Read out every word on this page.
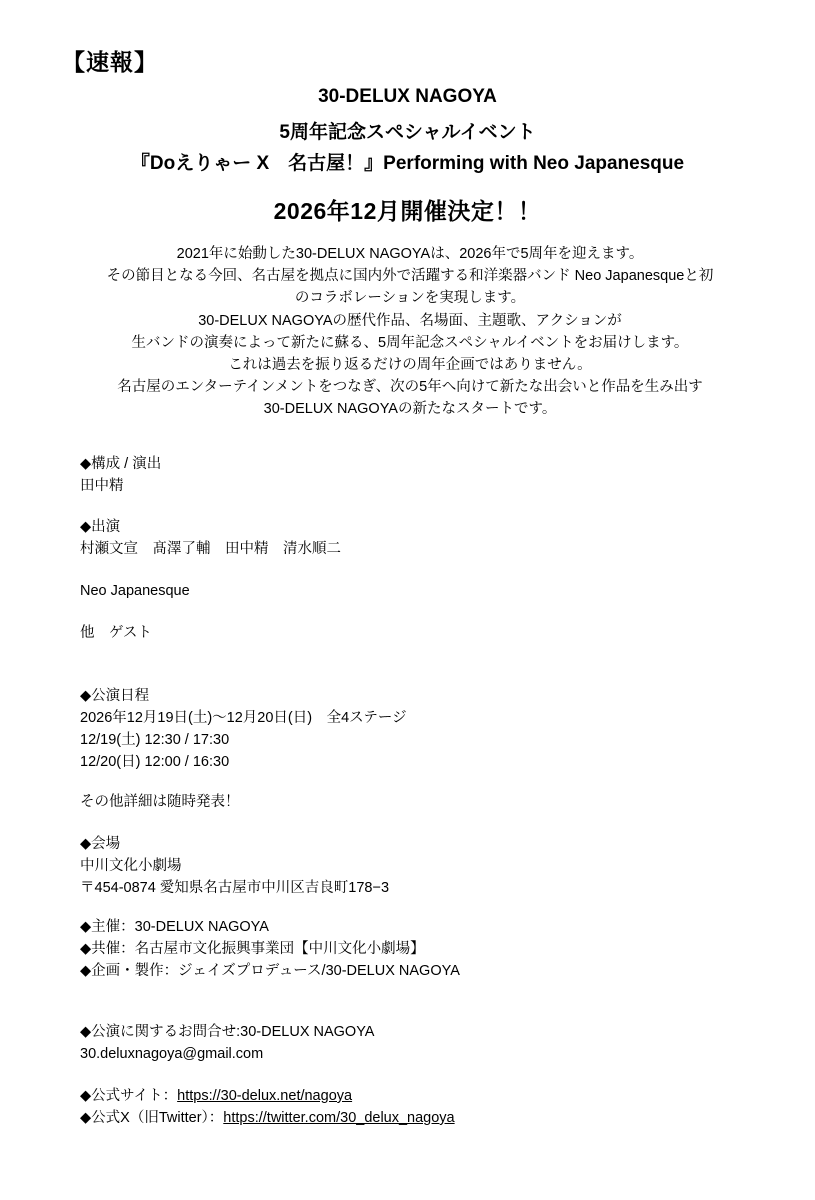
【速報】
30-DELUX NAGOYA
5周年記念スペシャルイベント
『Doえりゃー X　名古屋！』Performing with Neo Japanesque
2026年12月開催決定！！
2021年に始動した30-DELUX NAGOYAは、2026年で5周年を迎えます。
その節目となる今回、名古屋を拠点に国内外で活躍する和洋楽器バンド Neo Japanesqueと初
のコラボレーションを実現します。
30-DELUX NAGOYAの歴代作品、名場面、主題歌、アクションが
生バンドの演奏によって新たに蘇る、5周年記念スペシャルイベントをお届けします。
これは過去を振り返るだけの周年企画ではありません。
名古屋のエンターテインメントをつなぎ、次の5年へ向けて新たな出会いと作品を生み出す
30-DELUX NAGOYAの新たなスタートです。
◆構成 / 演出
田中精
◆出演
村瀬文宣　髙澤了輔　田中精　清水順二
Neo Japanesque
他　ゲスト
◆公演日程
2026年12月19日(土)～12月20日(日)　全4ステージ
12/19(土) 12:30 / 17:30
12/20(日) 12:00 / 16:30
その他詳細は随時発表！
◆会場
中川文化小劇場
〒454-0874 愛知県名古屋市中川区吉良町178−3
◆主催：30-DELUX NAGOYA
◆共催：名古屋市文化振興事業団【中川文化小劇場】
◆企画・製作：ジェイズプロデュース/30-DELUX NAGOYA
◆公演に関するお問合せ:30-DELUX NAGOYA
30.deluxnagoya@gmail.com
◆公式サイト：https://30-delux.net/nagoya
◆公式X（旧Twitter）：https://twitter.com/30_delux_nagoya
